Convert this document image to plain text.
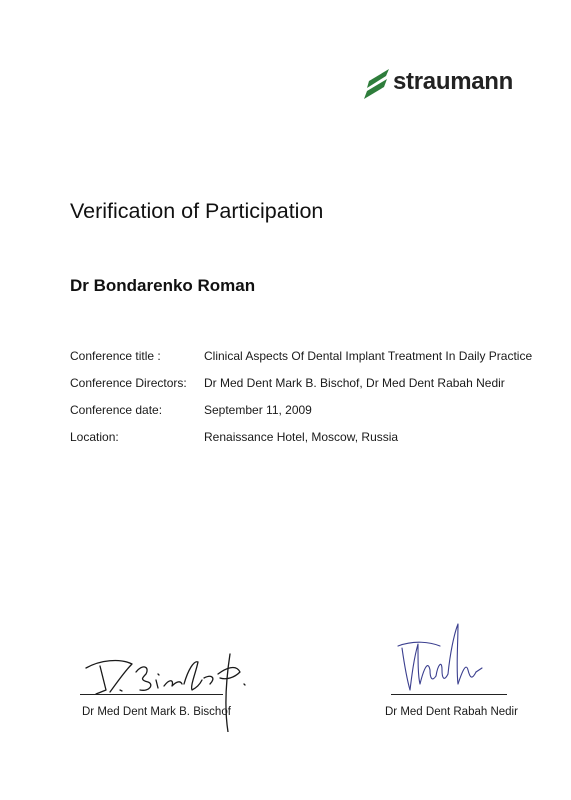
straumann
Verification of Participation
Dr Bondarenko Roman
Conference title :	Clinical Aspects Of Dental Implant Treatment In Daily Practice
Conference Directors: Dr Med Dent Mark B. Bischof, Dr Med Dent Rabah Nedir
Conference date:	September 11, 2009
Location:	Renaissance Hotel, Moscow, Russia
Dr Med Dent Mark B. Bischof	Dr Med Dent Rabah Nedir
